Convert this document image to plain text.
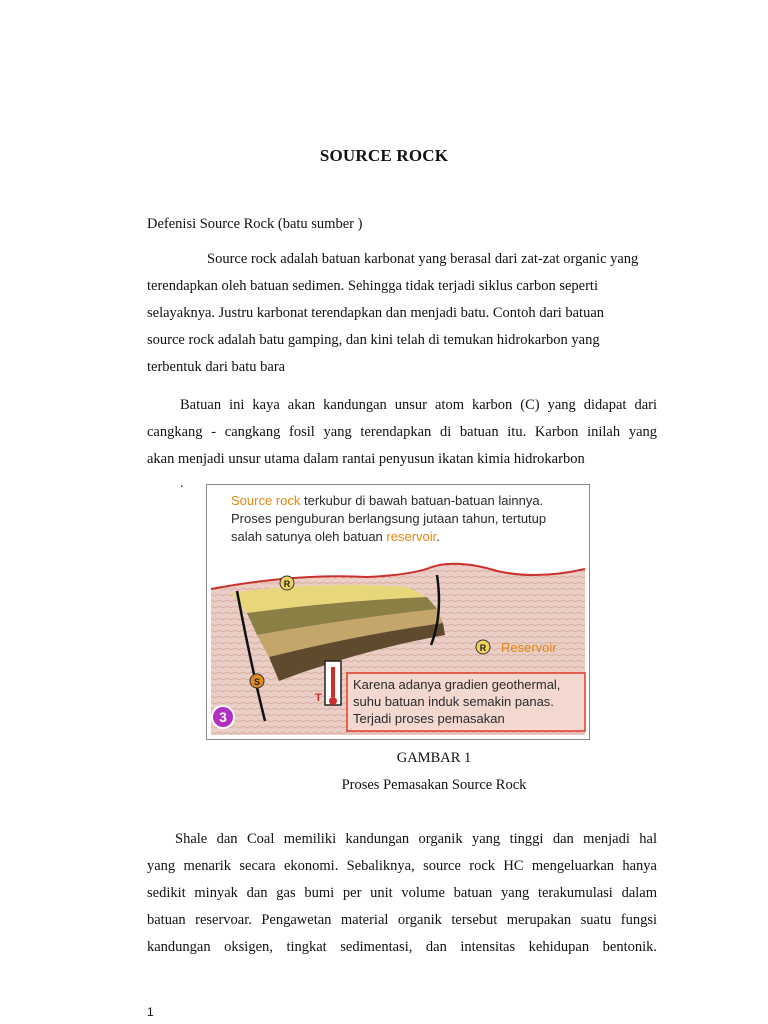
SOURCE ROCK
Defenisi Source Rock (batu sumber )
Source rock adalah batuan karbonat yang berasal dari zat-zat organic yang
terendapkan oleh batuan sedimen. Sehingga tidak terjadi siklus carbon seperti
selayaknya. Justru karbonat terendapkan dan menjadi batu. Contoh dari batuan
source rock adalah batu gamping, dan kini telah di temukan hidrokarbon yang
terbentuk dari batu bara
Batuan ini kaya akan kandungan unsur atom karbon (C) yang didapat dari
cangkang - cangkang fosil yang terendapkan di batuan itu. Karbon inilah yang
akan menjadi unsur utama dalam rantai penyusun ikatan kimia hidrokarbon
.
Source rock terkubur di bawah batuan-batuan lainnya.
Proses penguburan berlangsung jutaan tahun, tertutup
salah satunya oleh batuan reservoir.
R
R Reservoir
S
T
Karena adanya gradien geothermal,
suhu batuan induk semakin panas.
Terjadi proses pemasakan
3
GAMBAR 1
Proses Pemasakan Source Rock
Shale dan Coal memiliki kandungan organik yang tinggi dan menjadi hal
yang menarik secara ekonomi. Sebaliknya, source rock HC mengeluarkan hanya
sedikit minyak dan gas bumi per unit volume batuan yang terakumulasi dalam
batuan reservoar. Pengawetan material organik tersebut merupakan suatu fungsi
kandungan oksigen, tingkat sedimentasi, dan intensitas kehidupan bentonik.
1
